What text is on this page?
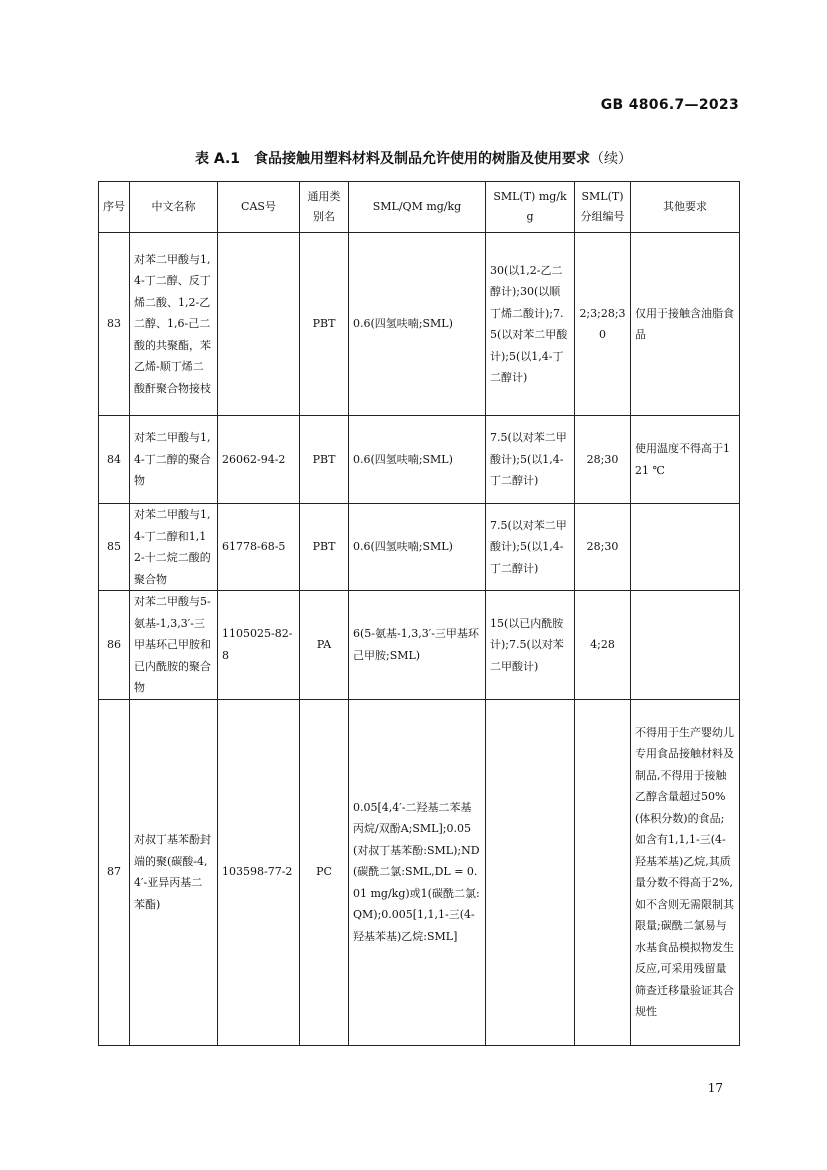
GB 4806.7—2023
表 A.1　食品接触用塑料材料及制品允许使用的树脂及使用要求（续）
序号	中文名称	CAS号	通用类别名	SML/QM mg/kg	SML(T) mg/kg	SML(T)分组编号	其他要求
83	对苯二甲酸与1,4-丁二醇、反丁烯二酸、1,2-乙二醇、1,6-己二酸的共聚酯，苯乙烯-顺丁烯二酸酐聚合物接枝		PBT	0.6(四氢呋喃;SML)	30(以1,2-乙二醇计);30(以顺丁烯二酸计);7.5(以对苯二甲酸计);5(以1,4-丁二醇计)	2;3;28;30	仅用于接触含油脂食品
84	对苯二甲酸与1,4-丁二醇的聚合物	26062-94-2	PBT	0.6(四氢呋喃;SML)	7.5(以对苯二甲酸计);5(以1,4-丁二醇计)	28;30	使用温度不得高于121 ℃
85	对苯二甲酸与1,4-丁二醇和1,12-十二烷二酸的聚合物	61778-68-5	PBT	0.6(四氢呋喃;SML)	7.5(以对苯二甲酸计);5(以1,4-丁二醇计)	28;30	
86	对苯二甲酸与5-氨基-1,3,3′-三甲基环己甲胺和已内酰胺的聚合物	1105025-82-8	PA	6(5-氨基-1,3,3′-三甲基环己甲胺;SML)	15(以已内酰胺计);7.5(以对苯二甲酸计)	4;28	
87	对叔丁基苯酚封端的聚(碳酸-4,4′-亚异丙基二苯酯)	103598-77-2	PC	0.05[4,4′-二羟基二苯基丙烷/双酚A;SML];0.05(对叔丁基苯酚:SML);ND(碳酰二氯:SML,DL = 0.01 mg/kg)或1(碳酰二氯:QM);0.005[1,1,1-三(4-羟基苯基)乙烷:SML]			不得用于生产婴幼儿专用食品接触材料及制品,不得用于接触乙醇含量超过50%(体积分数)的食品;如含有1,1,1-三(4-羟基苯基)乙烷,其质量分数不得高于2%,如不含则无需限制其限量;碳酰二氯易与水基食品模拟物发生反应,可采用残留量筛查迁移量验证其合规性
17
